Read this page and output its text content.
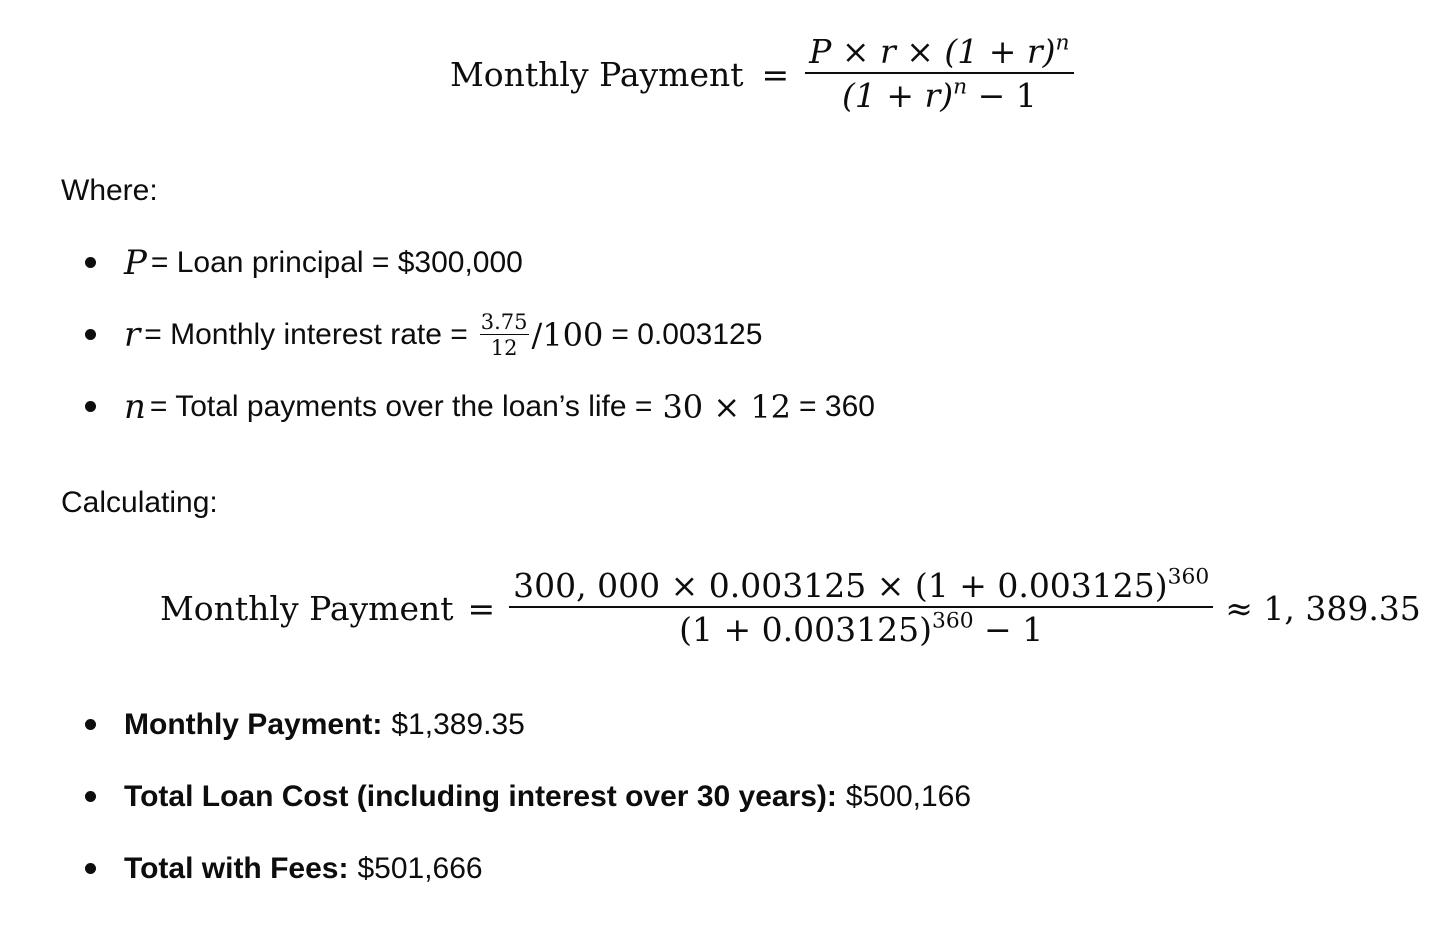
Monthly Payment = $\frac{P \times r \times (1 + r)^n}{(1 + r)^n - 1}$
Where:
P = Loan principal = $300,000
r = Monthly interest rate = $\frac{3.75}{12} /100 = 0.003125$
n = Total payments over the loan’s life = 30 × 12 = 360
Calculating:
Monthly Payment = $\frac{300, 000 \times 0.003125 \times (1 + 0.003125)^{360}}{(1 + 0.003125)^{360} - 1} \approx 1$, 389.35
Monthly Payment: $1,389.35
Total Loan Cost (including interest over 30 years): $500,166
Total with Fees: $501,666
